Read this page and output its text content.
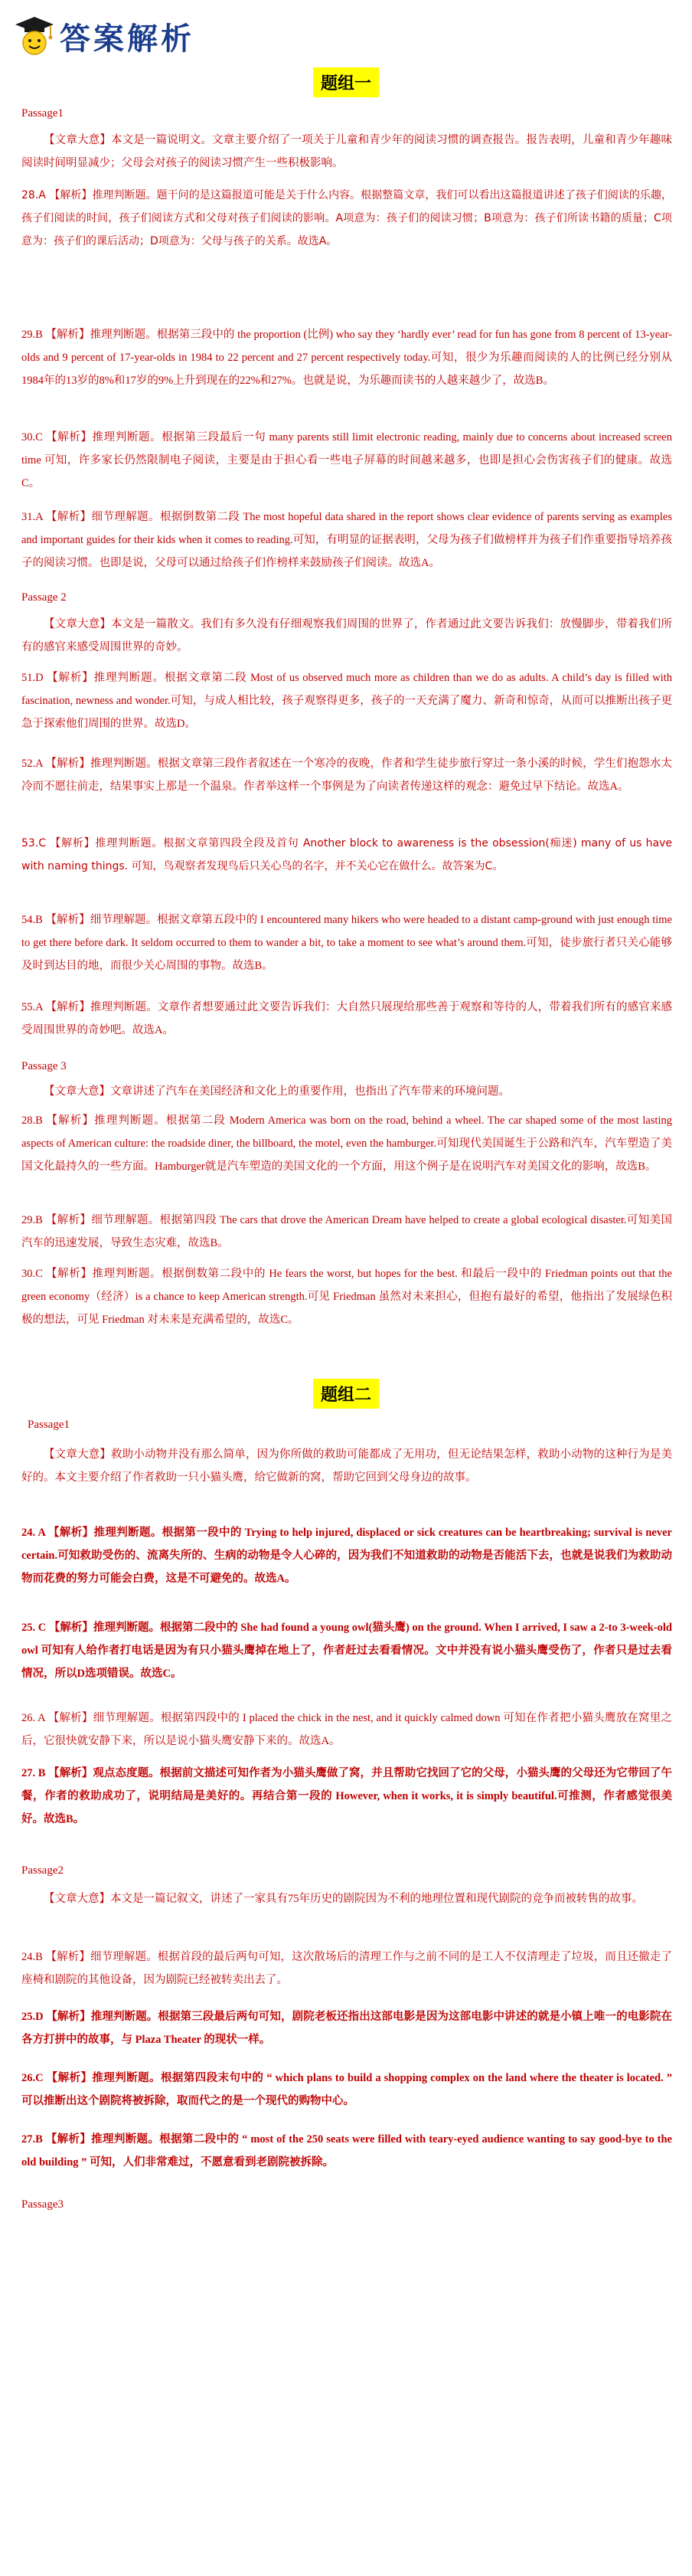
答案解析
题组一
Passage1
【文章大意】本文是一篇说明文。文章主要介绍了一项关于儿童和青少年的阅读习惯的调查报告。报告表明，儿童和青少年趣味阅读时间明显减少；父母会对孩子的阅读习惯产生一些积极影响。
28.A 【解析】推理判断题。题干问的是这篇报道可能是关于什么内容。根据整篇文章，我们可以看出这篇报道讲述了孩子们阅读的乐趣，孩子们阅读的时间，孩子们阅读方式和父母对孩子们阅读的影响。A项意为：孩子们的阅读习惯；B项意为：孩子们所读书籍的质量；C项意为：孩子们的课后活动；D项意为：父母与孩子的关系。故选A。
29.B 【解析】推理判断题。根据第三段中的 the proportion (比例) who say they ‘hardly ever’ read for fun has gone from 8 percent of 13-year-olds and 9 percent of 17-year-olds in 1984 to 22 percent and 27 percent respectively today.可知，很少为乐趣而阅读的人的比例已经分别从1984年的13岁的8%和17岁的9%上升到现在的22%和27%。也就是说，为乐趣而读书的人越来越少了，故选B。
30.C 【解析】推理判断题。根据第三段最后一句 many parents still limit electronic reading, mainly due to concerns about increased screen time 可知，许多家长仍然限制电子阅读，主要是由于担心看一些电子屏幕的时间越来越多，也即是担心会伤害孩子们的健康。故选C。
31.A 【解析】细节理解题。根据倒数第二段 The most hopeful data shared in the report shows clear evidence of parents serving as examples and important guides for their kids when it comes to reading.可知，有明显的证据表明，父母为孩子们做榜样并为孩子们作重要指导培养孩子的阅读习惯。也即是说，父母可以通过给孩子们作榜样来鼓励孩子们阅读。故选A。
Passage 2
【文章大意】本文是一篇散文。我们有多久没有仔细观察我们周围的世界了，作者通过此文要告诉我们：放慢脚步，带着我们所有的感官来感受周围世界的奇妙。
51.D 【解析】推理判断题。根据文章第二段 Most of us observed much more as children than we do as adults. A child’s day is filled with fascination, newness and wonder.可知，与成人相比较，孩子观察得更多，孩子的一天充满了魔力、新奇和惊奇，从而可以推断出孩子更急于探索他们周围的世界。故选D。
52.A 【解析】推理判断题。根据文章第三段作者叙述在一个寒冷的夜晚，作者和学生徒步旅行穿过一条小溪的时候，学生们抱怨水太冷而不愿往前走，结果事实上那是一个温泉。作者举这样一个事例是为了向读者传递这样的观念：避免过早下结论。故选A。
53.C 【解析】推理判断题。根据文章第四段全段及首句 Another block to awareness is the obsession(痴迷) many of us have with naming things. 可知，鸟观察者发现鸟后只关心鸟的名字，并不关心它在做什么。故答案为C。
54.B 【解析】细节理解题。根据文章第五段中的 I encountered many hikers who were headed to a distant camp-ground with just enough time to get there before dark. It seldom occurred to them to wander a bit, to take a moment to see what’s around them.可知，徒步旅行者只关心能够及时到达目的地，而很少关心周围的事物。故选B。
55.A 【解析】推理判断题。文章作者想要通过此文要告诉我们：大自然只展现给那些善于观察和等待的人，带着我们所有的感官来感受周围世界的奇妙吧。故选A。
Passage 3
【文章大意】文章讲述了汽车在美国经济和文化上的重要作用，也指出了汽车带来的环境问题。
28.B 【解析】推理判断题。根据第二段 Modern America was born on the road, behind a wheel. The car shaped some of the most lasting aspects of American culture: the roadside diner, the billboard, the motel, even the hamburger.可知现代美国诞生于公路和汽车，汽车塑造了美国文化最持久的一些方面。Hamburger就是汽车塑造的美国文化的一个方面，用这个例子是在说明汽车对美国文化的影响，故选B。
29.B 【解析】细节理解题。根据第四段 The cars that drove the American Dream have helped to create a global ecological disaster.可知美国汽车的迅速发展，导致生态灾难，故选B。
30.C 【解析】推理判断题。根据倒数第二段中的 He fears the worst, but hopes for the best. 和最后一段中的 Friedman points out that the green economy（经济）is a chance to keep American strength.可见 Friedman 虽然对未来担心，但抱有最好的希望，他指出了发展绿色积极的想法，可见 Friedman 对未来是充满希望的，故选C。
题组二
Passage1
【文章大意】救助小动物并没有那么简单，因为你所做的救助可能都成了无用功，但无论结果怎样，救助小动物的这种行为是美好的。本文主要介绍了作者救助一只小猫头鹰，给它做新的窝，帮助它回到父母身边的故事。
24. A 【解析】推理判断题。根据第一段中的 Trying to help injured, displaced or sick creatures can be heartbreaking; survival is never certain.可知救助受伤的、流离失所的、生病的动物是令人心碎的，因为我们不知道救助的动物是否能活下去，也就是说我们为救助动物而花费的努力可能会白费，这是不可避免的。故选A。
25. C 【解析】推理判断题。根据第二段中的 She had found a young owl(猫头鹰) on the ground. When I arrived, I saw a 2-to 3-week-old owl 可知有人给作者打电话是因为有只小猫头鹰掉在地上了，作者赶过去看看情况。文中并没有说小猫头鹰受伤了，作者只是过去看情况，所以D选项错误。故选C。
26. A 【解析】细节理解题。根据第四段中的 I placed the chick in the nest, and it quickly calmed down 可知在作者把小猫头鹰放在窝里之后，它很快就安静下来，所以是说小猫头鹰安静下来的。故选A。
27. B 【解析】观点态度题。根据前文描述可知作者为小猫头鹰做了窝，并且帮助它找回了它的父母，小猫头鹰的父母还为它带回了午餐，作者的救助成功了，说明结局是美好的。再结合第一段的 However, when it works, it is simply beautiful.可推测，作者感觉很美好。故选B。
Passage2
【文章大意】本文是一篇记叙文，讲述了一家具有75年历史的剧院因为不利的地理位置和现代剧院的竞争而被转售的故事。
24.B 【解析】细节理解题。根据首段的最后两句可知，这次散场后的清理工作与之前不同的是工人不仅清理走了垃圾，而且还撤走了座椅和剧院的其他设备，因为剧院已经被转卖出去了。
25.D 【解析】推理判断题。根据第三段最后两句可知，剧院老板还指出这部电影是因为这部电影中讲述的就是小镇上唯一的电影院在各方打拼中的故事，与 Plaza Theater 的现状一样。
26.C 【解析】推理判断题。根据第四段末句中的 “ which plans to build a shopping complex on the land where the theater is located. ” 可以推断出这个剧院将被拆除，取而代之的是一个现代的购物中心。
27.B 【解析】推理判断题。根据第二段中的 “ most of the 250 seats were filled with teary-eyed audience wanting to say good-bye to the old building ” 可知，人们非常难过，不愿意看到老剧院被拆除。
Passage3
